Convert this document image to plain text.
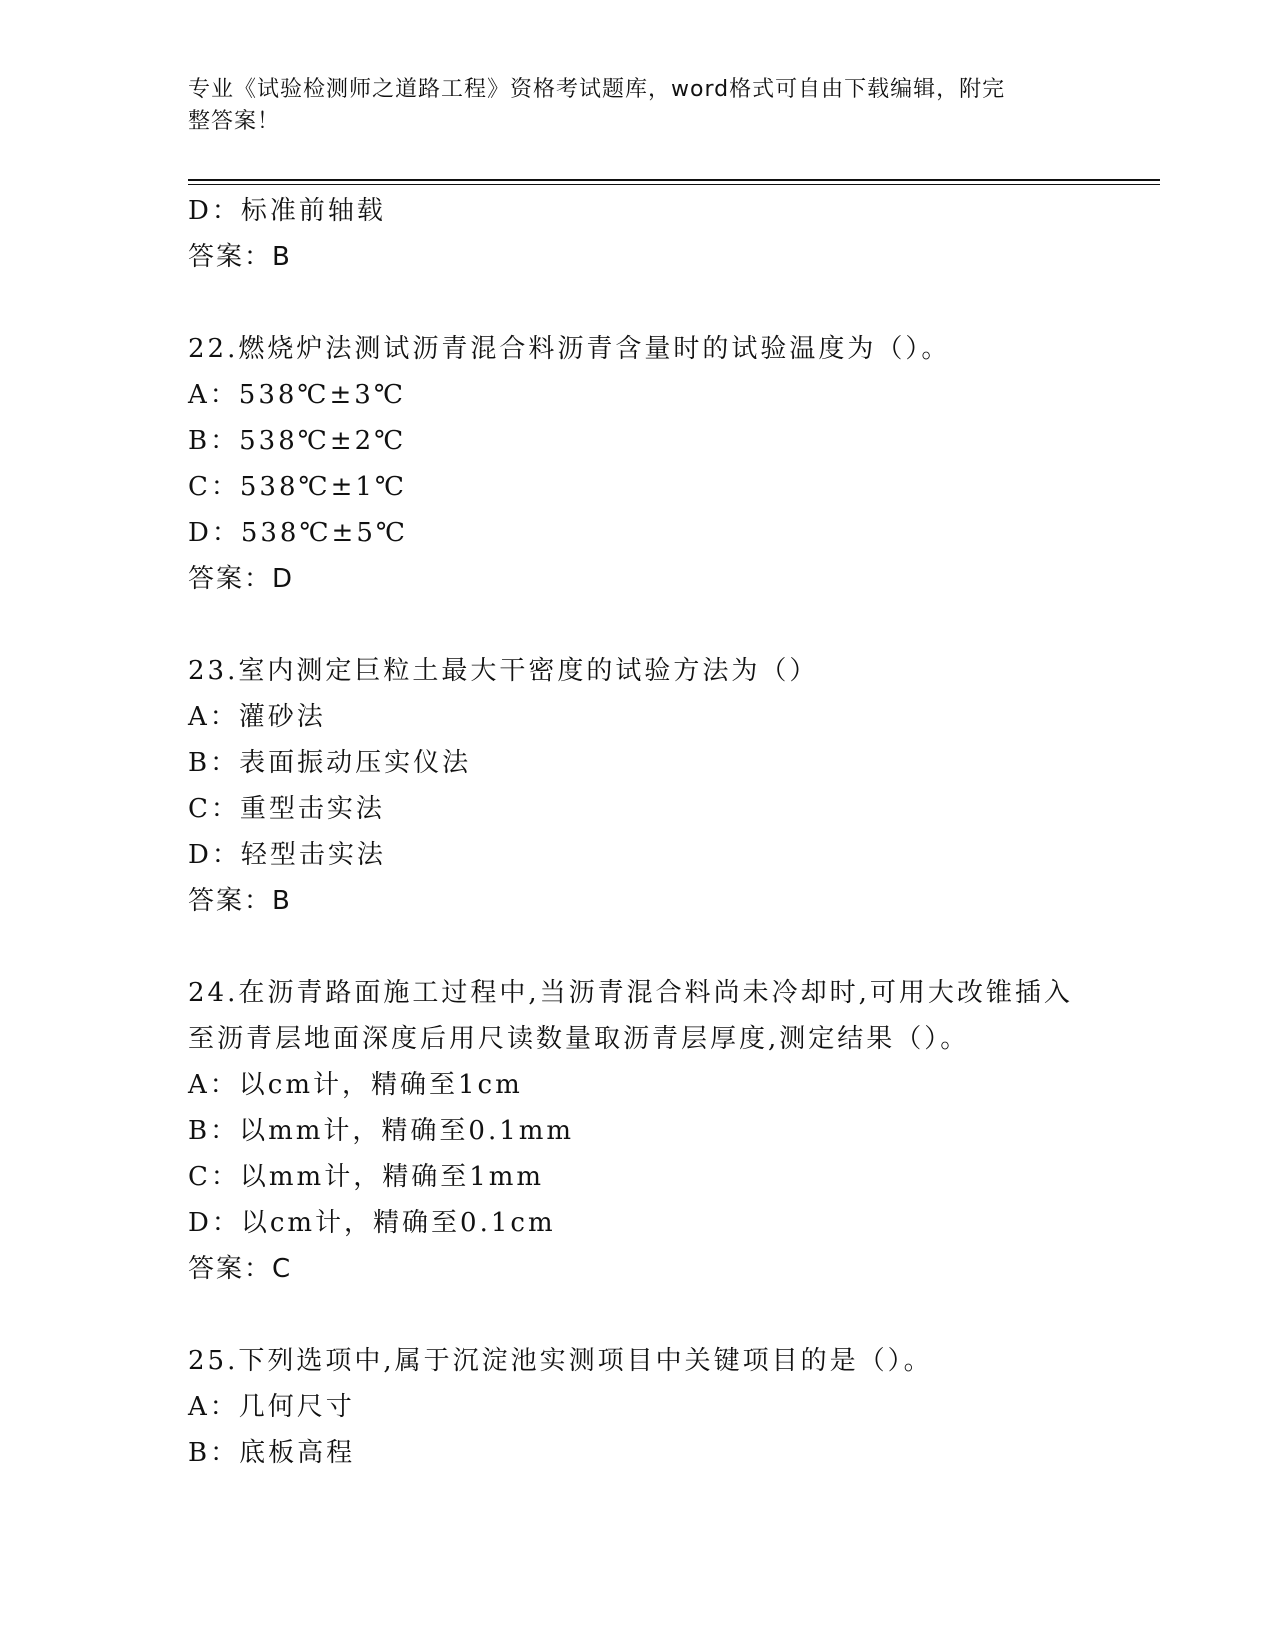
专业《试验检测师之道路工程》资格考试题库，word格式可自由下载编辑，附完
整答案！
D：标准前轴载
答案：B
22.燃烧炉法测试沥青混合料沥青含量时的试验温度为（）。
A：538℃±3℃
B：538℃±2℃
C：538℃±1℃
D：538℃±5℃
答案：D
23.室内测定巨粒土最大干密度的试验方法为（）
A：灌砂法
B：表面振动压实仪法
C：重型击实法
D：轻型击实法
答案：B
24.在沥青路面施工过程中,当沥青混合料尚未冷却时,可用大改锥插入
至沥青层地面深度后用尺读数量取沥青层厚度,测定结果（）。
A：以cm计，精确至1cm
B：以mm计，精确至0.1mm
C：以mm计，精确至1mm
D：以cm计，精确至0.1cm
答案：C
25.下列选项中,属于沉淀池实测项目中关键项目的是（）。
A：几何尺寸
B：底板高程
